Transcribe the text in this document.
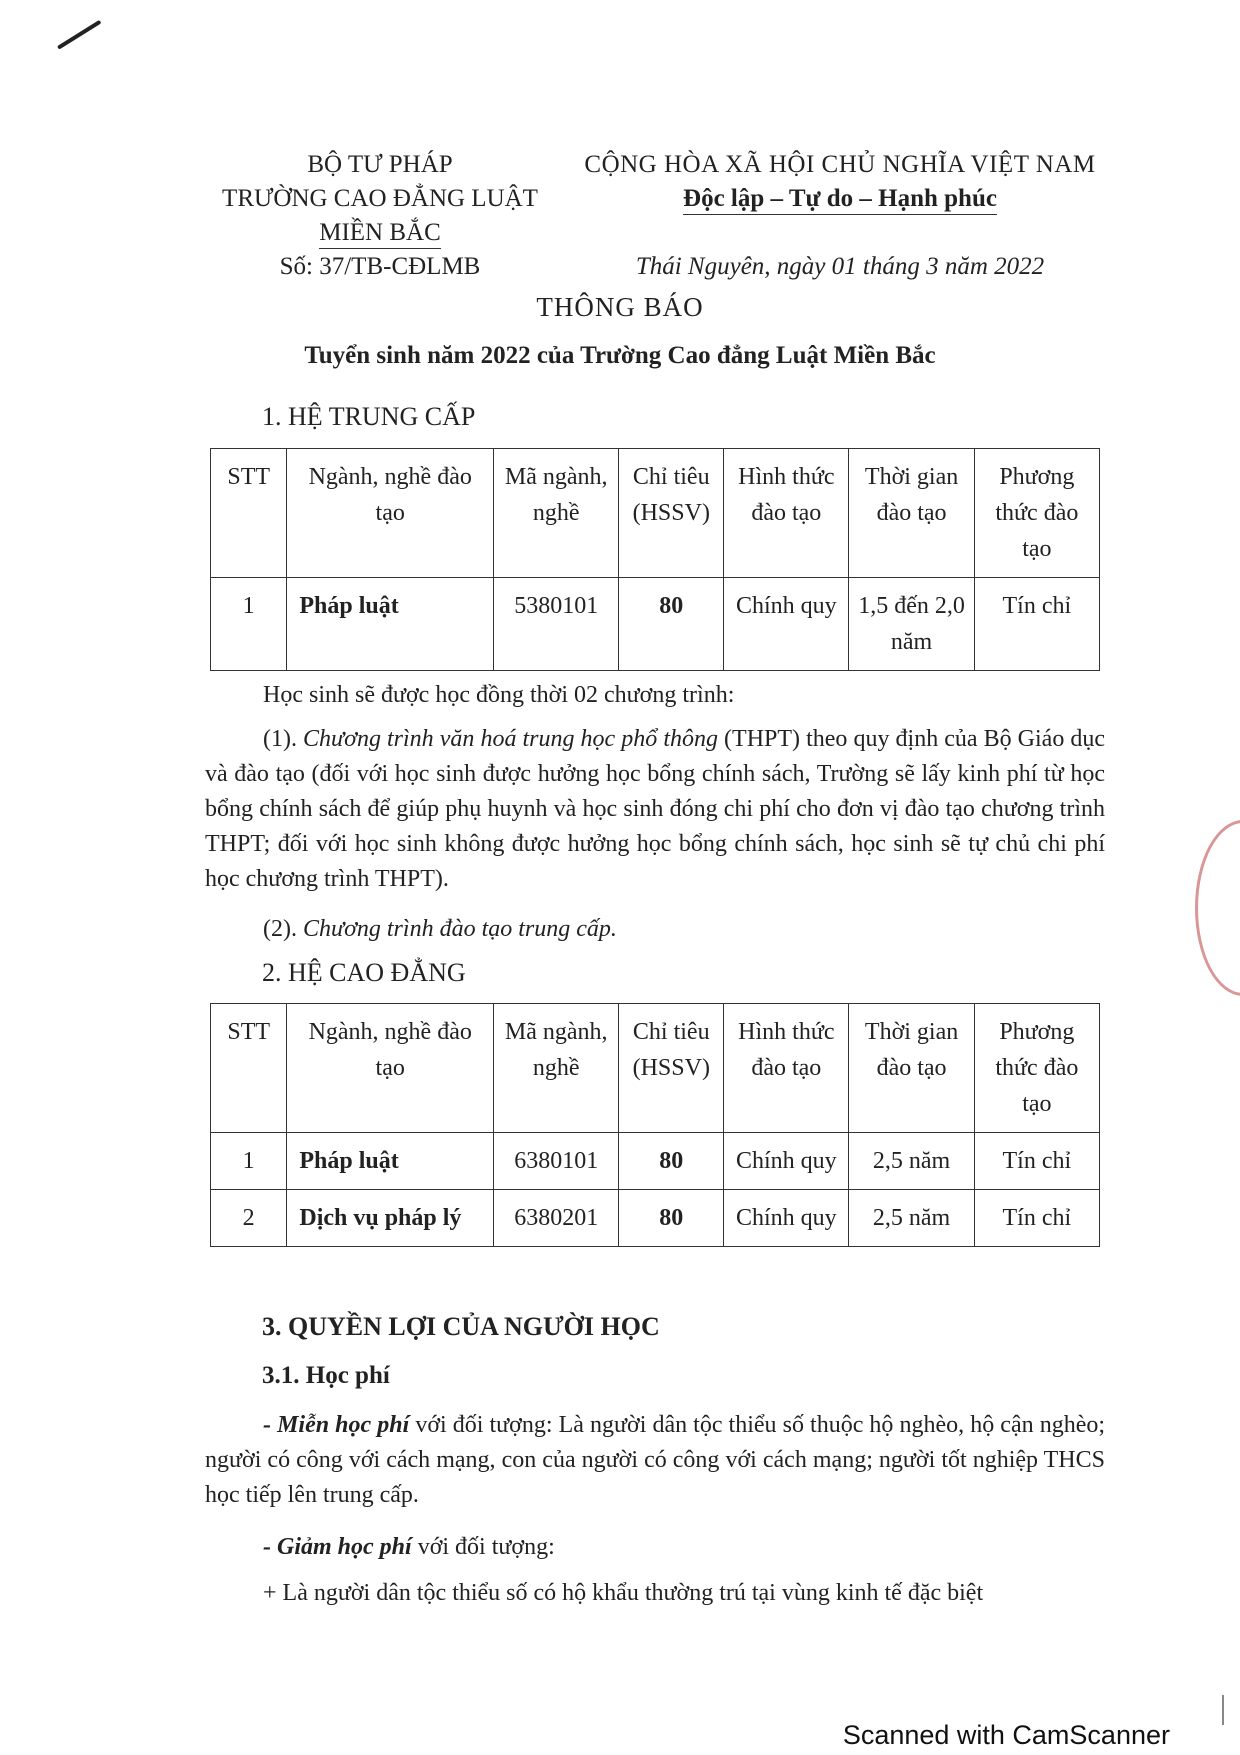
BỘ TƯ PHÁP
TRƯỜNG CAO ĐẲNG LUẬT
MIỀN BẮC
Số: 37/TB-CĐLMB
CỘNG HÒA XÃ HỘI CHỦ NGHĨA VIỆT NAM
Độc lập – Tự do – Hạnh phúc
Thái Nguyên, ngày 01 tháng 3 năm 2022
THÔNG BÁO
Tuyển sinh năm 2022 của Trường Cao đẳng Luật Miền Bắc
1. HỆ TRUNG CẤP
STT	Ngành, nghề đào tạo	Mã ngành, nghề	Chỉ tiêu (HSSV)	Hình thức đào tạo	Thời gian đào tạo	Phương thức đào tạo
1	Pháp luật	5380101	80	Chính quy	1,5 đến 2,0 năm	Tín chỉ
Học sinh sẽ được học đồng thời 02 chương trình:
(1). Chương trình văn hoá trung học phổ thông (THPT) theo quy định của Bộ Giáo dục và đào tạo (đối với học sinh được hưởng học bổng chính sách, Trường sẽ lấy kinh phí từ học bổng chính sách để giúp phụ huynh và học sinh đóng chi phí cho đơn vị đào tạo chương trình THPT; đối với học sinh không được hưởng học bổng chính sách, học sinh sẽ tự chủ chi phí học chương trình THPT).
(2). Chương trình đào tạo trung cấp.
2. HỆ CAO ĐẲNG
STT	Ngành, nghề đào tạo	Mã ngành, nghề	Chỉ tiêu (HSSV)	Hình thức đào tạo	Thời gian đào tạo	Phương thức đào tạo
1	Pháp luật	6380101	80	Chính quy	2,5 năm	Tín chỉ
2	Dịch vụ pháp lý	6380201	80	Chính quy	2,5 năm	Tín chỉ
3. QUYỀN LỢI CỦA NGƯỜI HỌC
3.1. Học phí
- Miễn học phí với đối tượng: Là người dân tộc thiểu số thuộc hộ nghèo, hộ cận nghèo; người có công với cách mạng, con của người có công với cách mạng; người tốt nghiệp THCS học tiếp lên trung cấp.
- Giảm học phí với đối tượng:
+ Là người dân tộc thiểu số có hộ khẩu thường trú tại vùng kinh tế đặc biệt
Scanned with CamScanner
